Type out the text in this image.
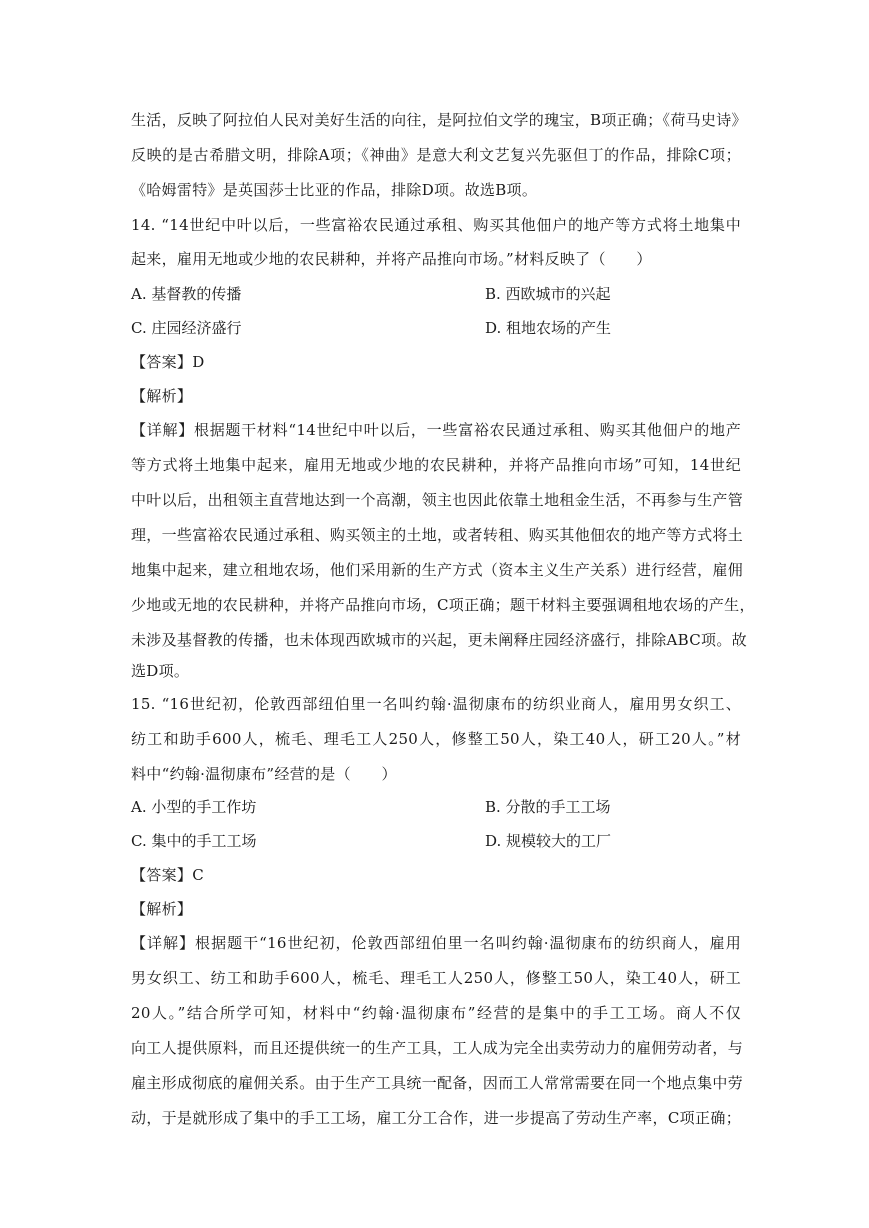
生活，反映了阿拉伯人民对美好生活的向往，是阿拉伯文学的瑰宝，B项正确；《荷马史诗》
反映的是古希腊文明，排除A项；《神曲》是意大利文艺复兴先驱但丁的作品，排除C项；
《哈姆雷特》是英国莎士比亚的作品，排除D项。故选B项。
14. “14世纪中叶以后，一些富裕农民通过承租、购买其他佃户的地产等方式将土地集中
起来，雇用无地或少地的农民耕种，并将产品推向市场。”材料反映了（　　）
A. 基督教的传播	B. 西欧城市的兴起
C. 庄园经济盛行	D. 租地农场的产生
【答案】D
【解析】
【详解】根据题干材料“14世纪中叶以后，一些富裕农民通过承租、购买其他佃户的地产
等方式将土地集中起来，雇用无地或少地的农民耕种，并将产品推向市场”可知，14世纪
中叶以后，出租领主直营地达到一个高潮，领主也因此依靠土地租金生活，不再参与生产管
理，一些富裕农民通过承租、购买领主的土地，或者转租、购买其他佃农的地产等方式将土
地集中起来，建立租地农场，他们采用新的生产方式（资本主义生产关系）进行经营，雇佣
少地或无地的农民耕种，并将产品推向市场，C项正确；题干材料主要强调租地农场的产生，
未涉及基督教的传播，也未体现西欧城市的兴起，更未阐释庄园经济盛行，排除ABC项。故
选D项。
15. “16世纪初，伦敦西部纽伯里一名叫约翰·温彻康布的纺织业商人，雇用男女织工、
纺工和助手600人，梳毛、理毛工人250人，修整工50人，染工40人，研工20人。”材
料中“约翰·温彻康布”经营的是（　　）
A. 小型的手工作坊	B. 分散的手工工场
C. 集中的手工工场	D. 规模较大的工厂
【答案】C
【解析】
【详解】根据题干“16世纪初，伦敦西部纽伯里一名叫约翰·温彻康布的纺织商人，雇用
男女织工、纺工和助手600人，梳毛、理毛工人250人，修整工50人，染工40人，研工
20人。”结合所学可知，材料中“约翰·温彻康布”经营的是集中的手工工场。商人不仅
向工人提供原料，而且还提供统一的生产工具，工人成为完全出卖劳动力的雇佣劳动者，与
雇主形成彻底的雇佣关系。由于生产工具统一配备，因而工人常常需要在同一个地点集中劳
动，于是就形成了集中的手工工场，雇工分工合作，进一步提高了劳动生产率，C项正确；
